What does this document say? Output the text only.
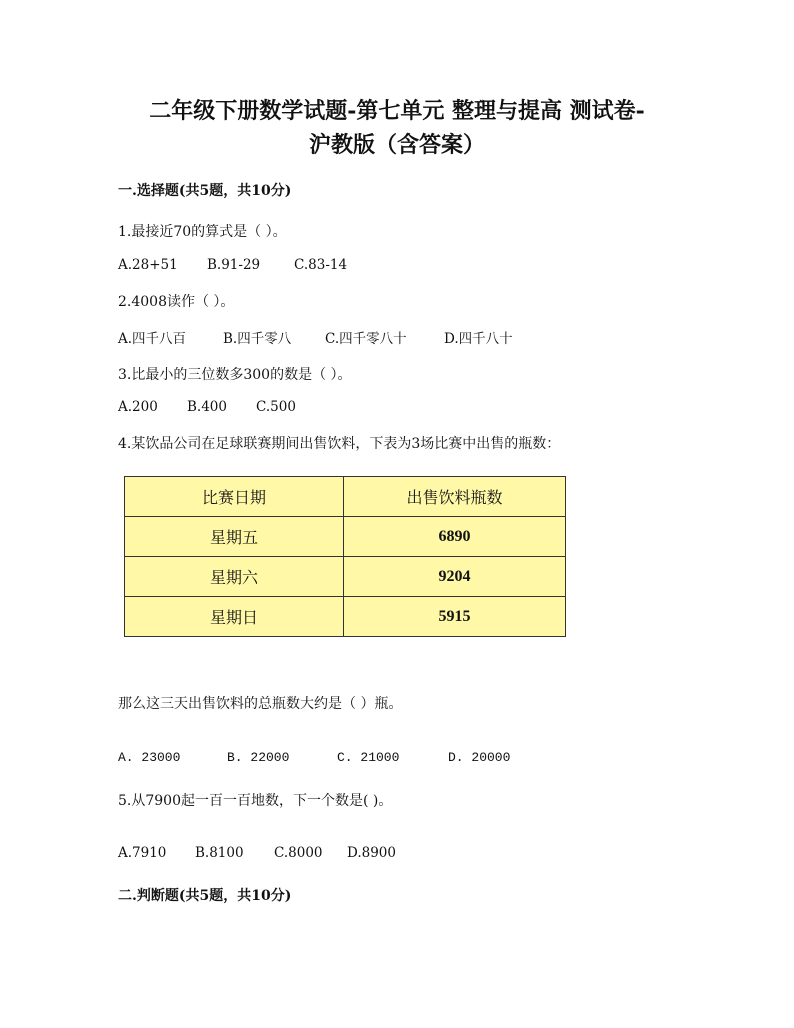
二年级下册数学试题-第七单元 整理与提高 测试卷-
沪教版（含答案）
一.选择题(共5题，共10分)
1.最接近70的算式是（ ）。
A.28+51	B.91-29	C.83-14
2.4008读作（ ）。
A.四千八百	B.四千零八	C.四千零八十	D.四千八十
3.比最小的三位数多300的数是（ ）。
A.200	B.400	C.500
4.某饮品公司在足球联赛期间出售饮料，下表为3场比赛中出售的瓶数：
比赛日期	出售饮料瓶数
星期五	6890
星期六	9204
星期日	5915
那么这三天出售饮料的总瓶数大约是（ ）瓶。
A. 23000	B. 22000	C. 21000	D. 20000
5.从7900起一百一百地数，下一个数是( )。
A.7910	B.8100	C.8000	D.8900
二.判断题(共5题，共10分)
